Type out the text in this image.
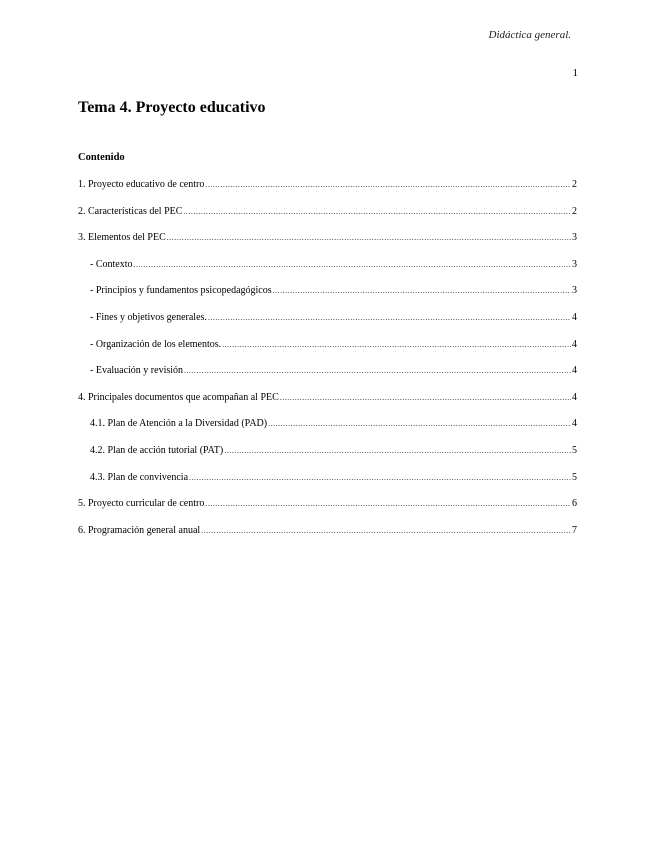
Didáctica general.
1
Tema 4. Proyecto educativo
Contenido
1. Proyecto educativo de centro .....	2
2. Características del PEC .....	2
3. Elementos del PEC .....	3
- Contexto .....	3
- Principios y fundamentos psicopedagógicos .....	3
- Fines y objetivos generales. .....	4
- Organización de los elementos. .....	4
- Evaluación y revisión .....	4
4. Principales documentos que acompañan al PEC .....	4
4.1. Plan de Atención a la Diversidad (PAD) .....	4
4.2. Plan de acción tutorial (PAT) .....	5
4.3. Plan de convivencia .....	5
5. Proyecto curricular de centro .....	6
6. Programación general anual .....	7
